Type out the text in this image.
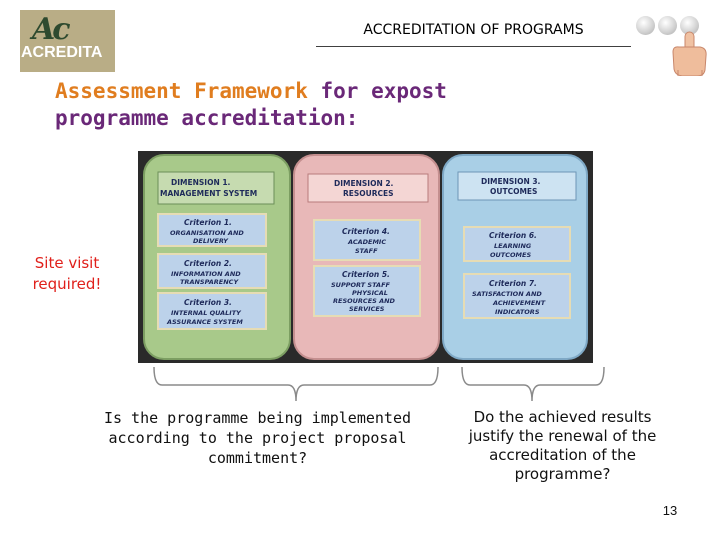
Ac
ACREDITA
ACCREDITATION OF PROGRAMS
Assessment Framework for expost
programme accreditation:
DIMENSION 1.
MANAGEMENT SYSTEM
Criterion 1.
ORGANISATION AND
DELIVERY
Criterion 2.
INFORMATION AND
TRANSPARENCY
Criterion 3.
INTERNAL QUALITY
ASSURANCE SYSTEM
DIMENSION 2.
RESOURCES
Criterion 4.
ACADEMIC
STAFF
Criterion 5.
SUPPORT STAFF
PHYSICAL
RESOURCES AND
SERVICES
DIMENSION 3.
OUTCOMES
Criterion 6.
LEARNING
OUTCOMES
Criterion 7.
SATISFACTION AND
ACHIEVEMENT
INDICATORS
Site visit
required!
Is the programme being implemented according to the project proposal commitment?
Do the achieved results justify the renewal of the accreditation of the programme?
13
